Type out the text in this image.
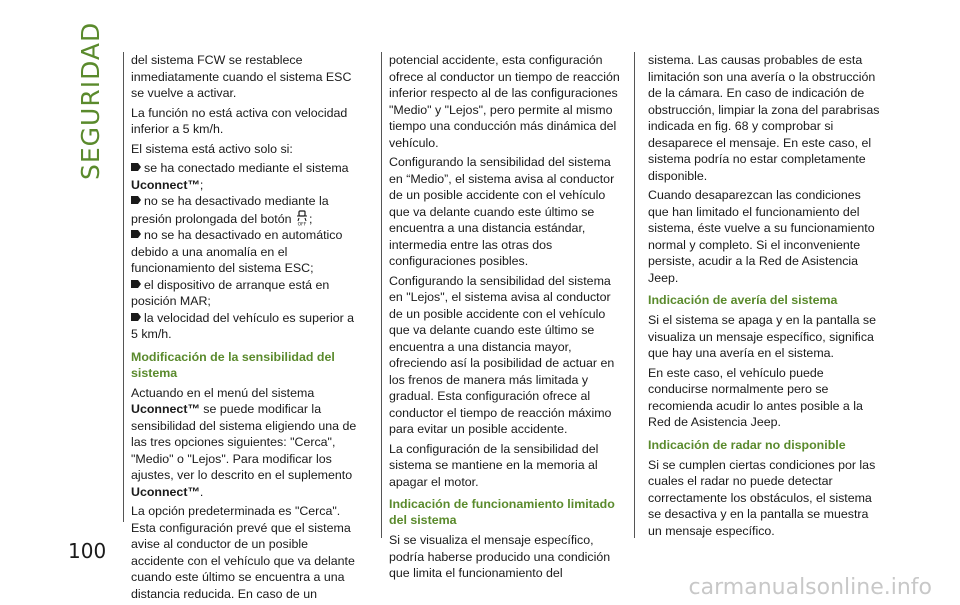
SEGURIDAD
100

del sistema FCW se restablece inmediatamente cuando el sistema ESC se vuelve a activar.

La función no está activa con velocidad inferior a 5 km/h.

El sistema está activo solo si:

se ha conectado mediante el sistema Uconnect™;
no se ha desactivado mediante la presión prolongada del botón OFF ;
no se ha desactivado en automático debido a una anomalía en el funcionamiento del sistema ESC;
el dispositivo de arranque está en posición MAR;
la velocidad del vehículo es superior a 5 km/h.
Modificación de la sensibilidad del sistema

Actuando en el menú del sistema Uconnect™ se puede modificar la sensibilidad del sistema eligiendo una de las tres opciones siguientes: "Cerca", "Medio" o "Lejos". Para modificar los ajustes, ver lo descrito en el suplemento Uconnect™.

La opción predeterminada es "Cerca". Esta configuración prevé que el sistema avise al conductor de un posible accidente con el vehículo que va delante cuando este último se encuentra a una distancia reducida. En caso de un

potencial accidente, esta configuración ofrece al conductor un tiempo de reacción inferior respecto al de las configuraciones "Medio" y "Lejos", pero permite al mismo tiempo una conducción más dinámica del vehículo.

Configurando la sensibilidad del sistema en “Medio”, el sistema avisa al conductor de un posible accidente con el vehículo que va delante cuando este último se encuentra a una distancia estándar, intermedia entre las otras dos configuraciones posibles.

Configurando la sensibilidad del sistema en "Lejos", el sistema avisa al conductor de un posible accidente con el vehículo que va delante cuando este último se encuentra a una distancia mayor, ofreciendo así la posibilidad de actuar en los frenos de manera más limitada y gradual. Esta configuración ofrece al conductor el tiempo de reacción máximo para evitar un posible accidente.

La configuración de la sensibilidad del sistema se mantiene en la memoria al apagar el motor.

Indicación de funcionamiento limitado del sistema

Si se visualiza el mensaje específico, podría haberse producido una condición que limita el funcionamiento del

sistema. Las causas probables de esta limitación son una avería o la obstrucción de la cámara. En caso de indicación de obstrucción, limpiar la zona del parabrisas indicada en fig. 68 y comprobar si desaparece el mensaje. En este caso, el sistema podría no estar completamente disponible.

Cuando desaparezcan las condiciones que han limitado el funcionamiento del sistema, éste vuelve a su funcionamiento normal y completo. Si el inconveniente persiste, acudir a la Red de Asistencia Jeep.

Indicación de avería del sistema

Si el sistema se apaga y en la pantalla se visualiza un mensaje específico, significa que hay una avería en el sistema.

En este caso, el vehículo puede conducirse normalmente pero se recomienda acudir lo antes posible a la Red de Asistencia Jeep.

Indicación de radar no disponible

Si se cumplen ciertas condiciones por las cuales el radar no puede detectar correctamente los obstáculos, el sistema se desactiva y en la pantalla se muestra un mensaje específico.

carmanualsonline.info
